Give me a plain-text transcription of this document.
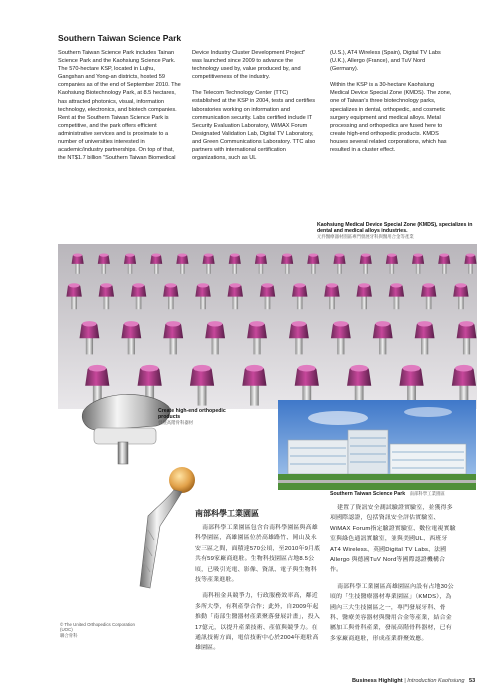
Southern Taiwan Science Park

Southern Taiwan Science Park includes Tainan Science Park and the Kaohsiung Science Park. The 570-hectare KSP, located in Lujhu, Gangshan and Yong-an districts, hosted 59 companies as of the end of September 2010. The Kaohsiung Biotechnology Park, at 8.5 hectares, has attracted photonics, visual, information technology, electronics, and biotech companies. Rent at the Southern Taiwan Science Park is competitive, and the park offers efficient administrative services and is proximate to a number of universities interested in academic/industry partnerships. On top of that, the NT$1.7 billion "Southern Taiwan Biomedical

Device Industry Cluster Development Project" was launched since 2009 to advance the technology used by, value produced by, and competitiveness of the industry.

The Telecom Technology Center (TTC) established at the KSP in 2004, tests and certifies laboratories working on information and communication security. Labs certified include IT Security Evaluation Laboratory, WiMAX Forum Designated Validation Lab, Digital TV Laboratory, and Green Communications Laboratory. TTC also partners with international certification organizations, such as UL

(U.S.), AT4 Wireless (Spain), Digital TV Labs (U.K.), Allergo (France), and TuV Nord (Germany).

Within the KSP is a 30-hectare Kaohsiung Medical Device Special Zone (KMDS). The zone, one of Taiwan's three biotechnology parks, specializes in dental, orthopedic, and cosmetic surgery equipment and medical alloys. Metal processing and orthopedics are fused here to create high-end orthopedic products. KMDS houses several related corporations, which has resulted in a cluster effect.

Kaohsiung Medical Device Special Zone (KMDS), specializes in dental and medical alloys industries.
元件醫療器材園區專門發展牙科與醫用合金等產業
Create high-end orthopedic products
發展高階骨科器材
Southern Taiwan Science Park 南部科學工業園區
南部科學工業園區

南部科學工業園區包含台南科學園區與高雄科學園區，高雄園區位於高雄路竹、岡山及永安三區之間，面積達570公頃，至2010年9月底共有59家廠商進駐。生物科技園區占地8.5公頃，已吸引光電、影像、資訊、電子與生物科技等產業進駐。

南科租金具競爭力，行政服務效率高，鄰近多所大學，有利產學合作；此外，自2009年起推動「南部生醫器材產業聚落發展計畫」，投入17億元，以提升產業技術、產值與競爭力。在通訊技術方面，電信技術中心於2004年進駐高雄園區。

建置了資訊安全測試驗證實驗室，並獲得多項國際認證，包括資訊安全評估實驗室、WiMAX Forum指定驗證實驗室、數位電視實驗室與綠色通訊實驗室，並與美國UL、西班牙AT4 Wireless、英國Digital TV Labs、法國Allergo 與德國TuV Nord等國際認證機構合作。

南部科學工業園區高雄園區內設有占地30公頃的「生技醫療器材專業園區」（KMDS），為國內三大生技園區之一，專門發展牙科、骨科、醫療美容器材與醫用合金等產業，結合金屬加工與骨科產業，發展高階骨科器材，已有多家廠商進駐，形成產業群聚效應。

© The United Orthopedics Corporation (UOC)
聯合骨科
Business Highlight | Introduction Kaohsiung 53
